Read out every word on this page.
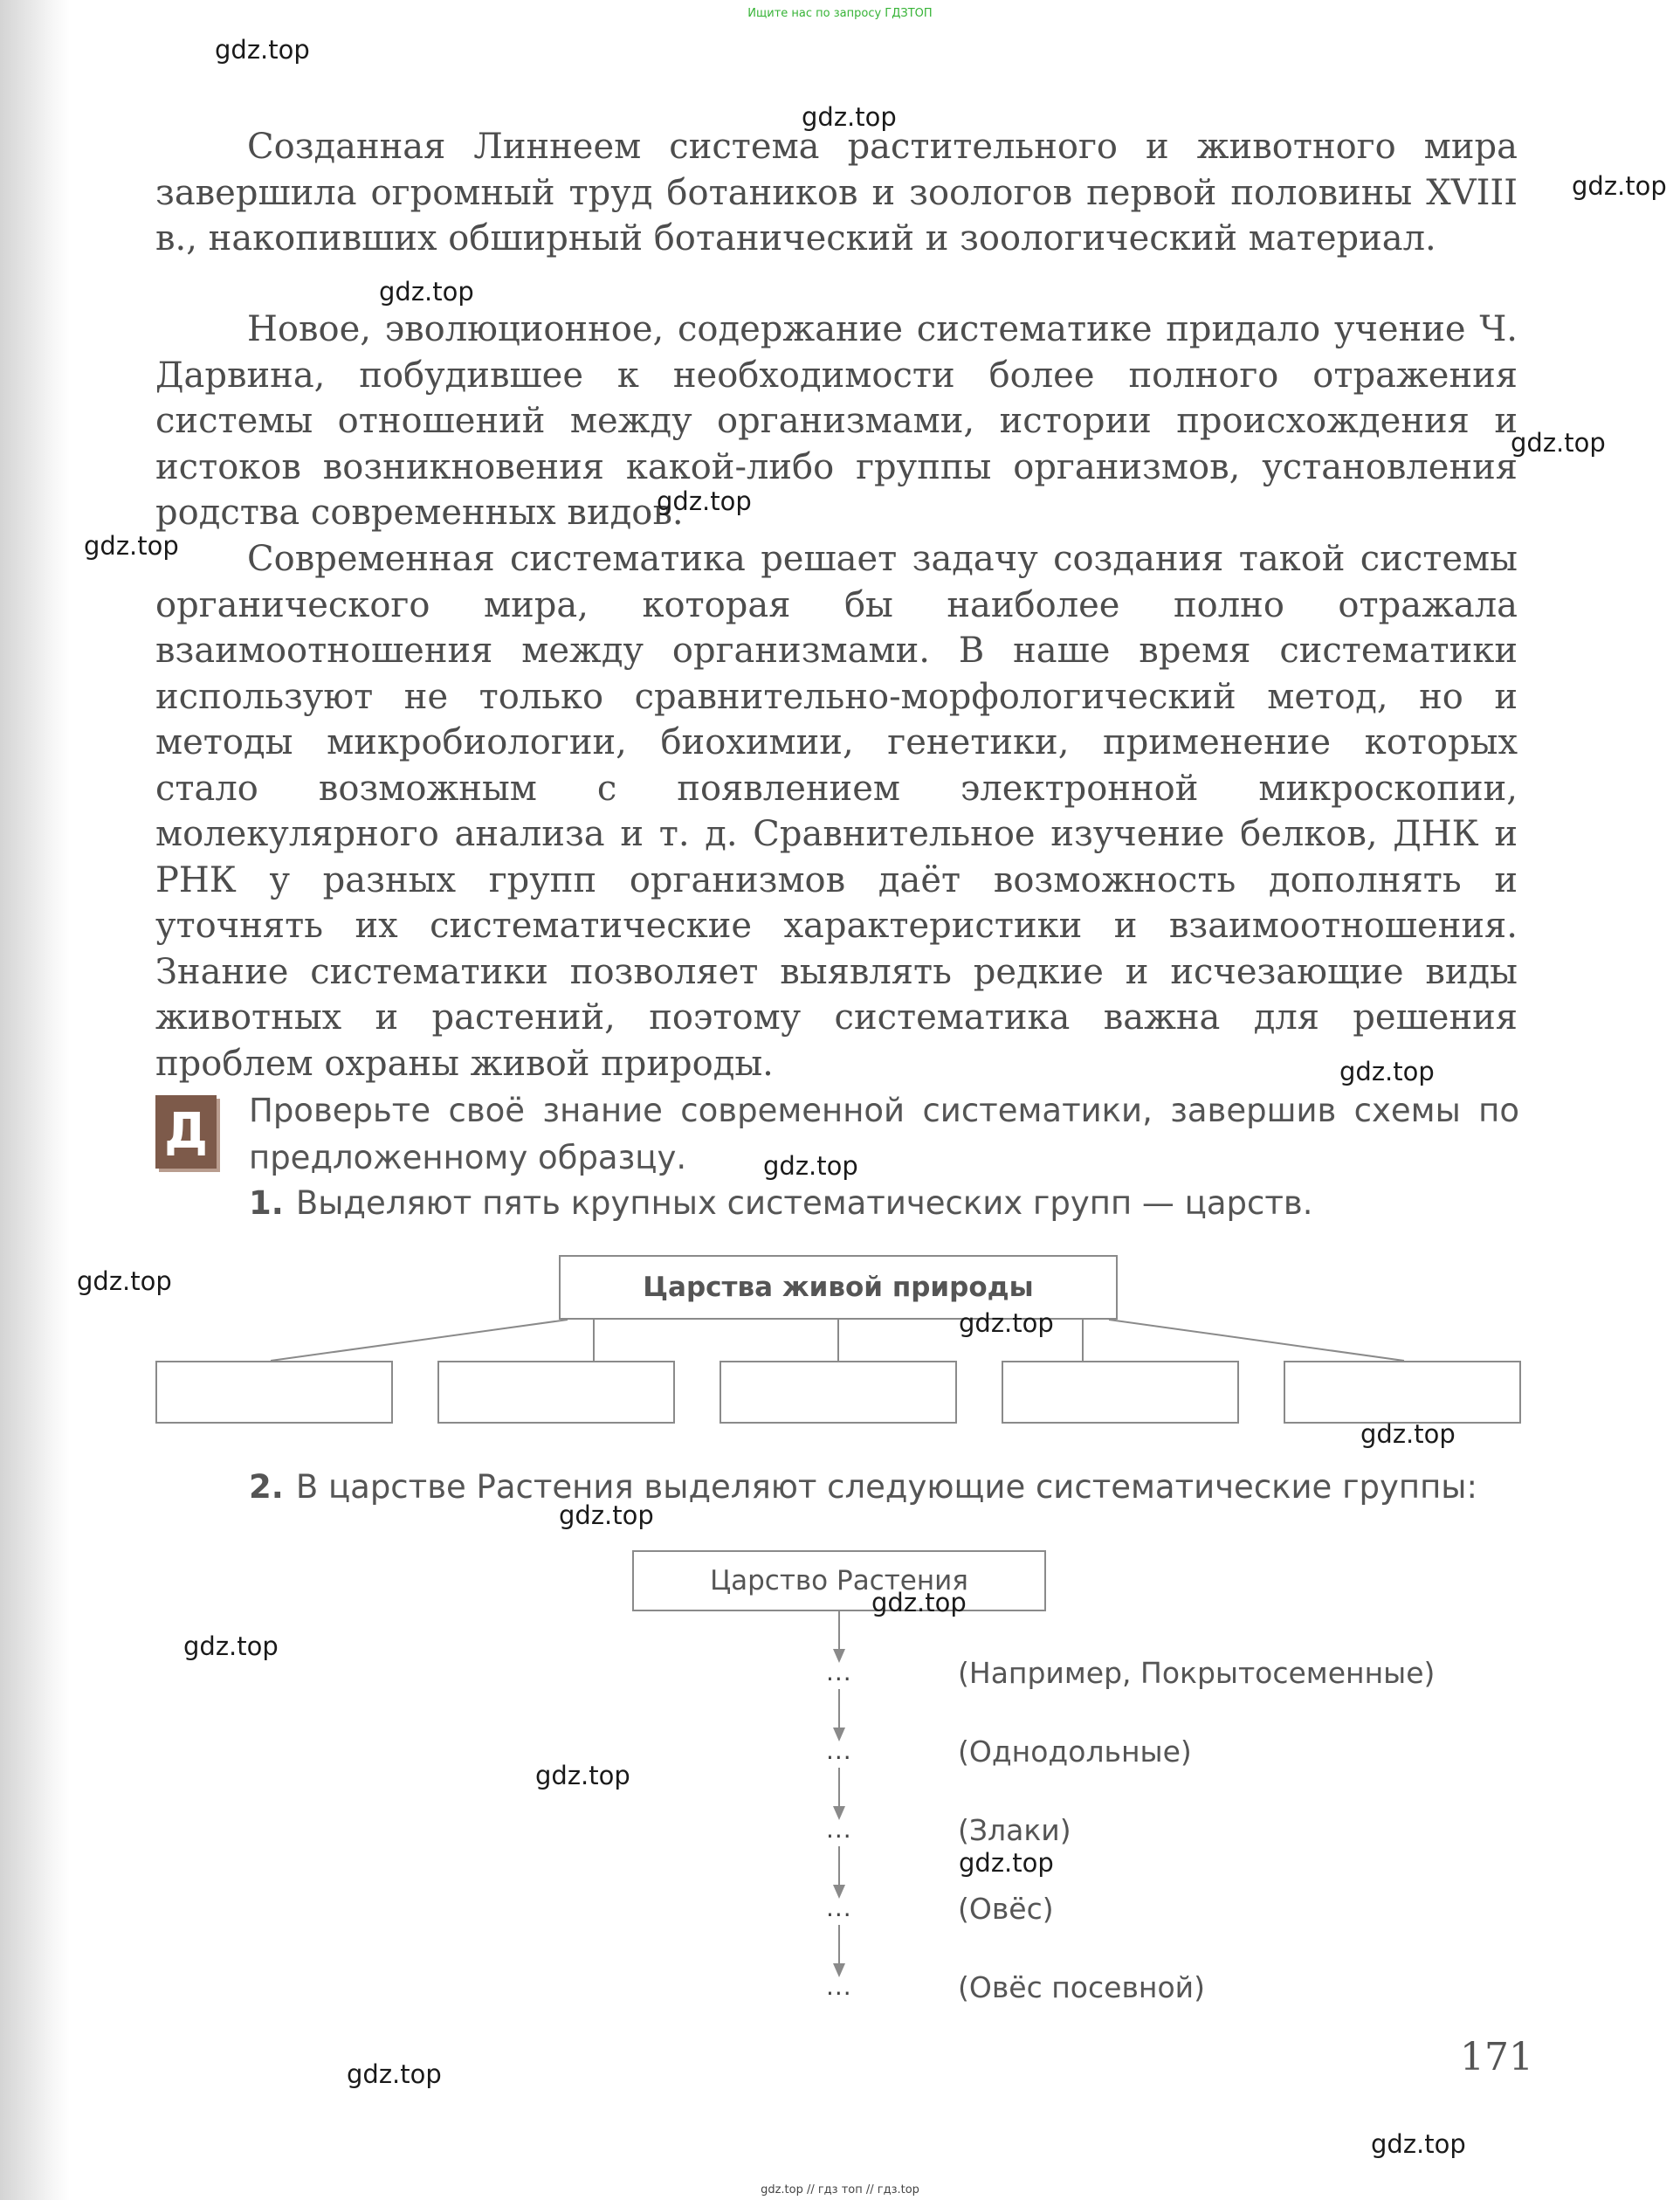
Ищите нас по запросу ГДЗТОП

Созданная Линнеем система растительного и животного мира завершила огромный труд ботаников и зоологов первой половины XVIII в., накопивших обширный ботанический и зоологический материал.

Новое, эволюционное, содержание систематике придало учение Ч. Дарвина, побудившее к необходимости более полного отражения системы отношений между организмами, истории происхождения и истоков возникновения какой-либо группы организмов, установления родства современных видов.

Современная систематика решает задачу создания такой системы органического мира, которая бы наиболее полно отражала взаимоотношения между организмами. В наше время систематики используют не только сравнительно-морфологический метод, но и методы микробиологии, биохимии, генетики, применение которых стало возможным с появлением электронной микроскопии, молекулярного анализа и т. д. Сравнительное изучение белков, ДНК и РНК у разных групп организмов даёт возможность дополнять и уточнять их систематические характеристики и взаимоотношения. Знание систематики позволяет выявлять редкие и исчезающие виды животных и растений, поэтому систематика важна для решения проблем охраны живой природы.

Д Проверьте своё знание современной систематики, завершив схемы по предложенному образцу.

1. Выделяют пять крупных систематических групп — царств.
Царства живой природы
2. В царстве Растения выделяют следующие систематические группы:
Царство Растения
...
...
...
...
...
(Например, Покрытосеменные)
(Однодольные)
(Злаки)
(Овёс)
(Овёс посевной)
171
gdz.top
gdz.top
gdz.top
gdz.top
gdz.top
gdz.top
gdz.top
gdz.top
gdz.top
gdz.top
gdz.top
gdz.top
gdz.top
gdz.top
gdz.top
gdz.top
gdz.top
gdz.top
gdz.top
gdz.top // гдз топ // гдз.top
